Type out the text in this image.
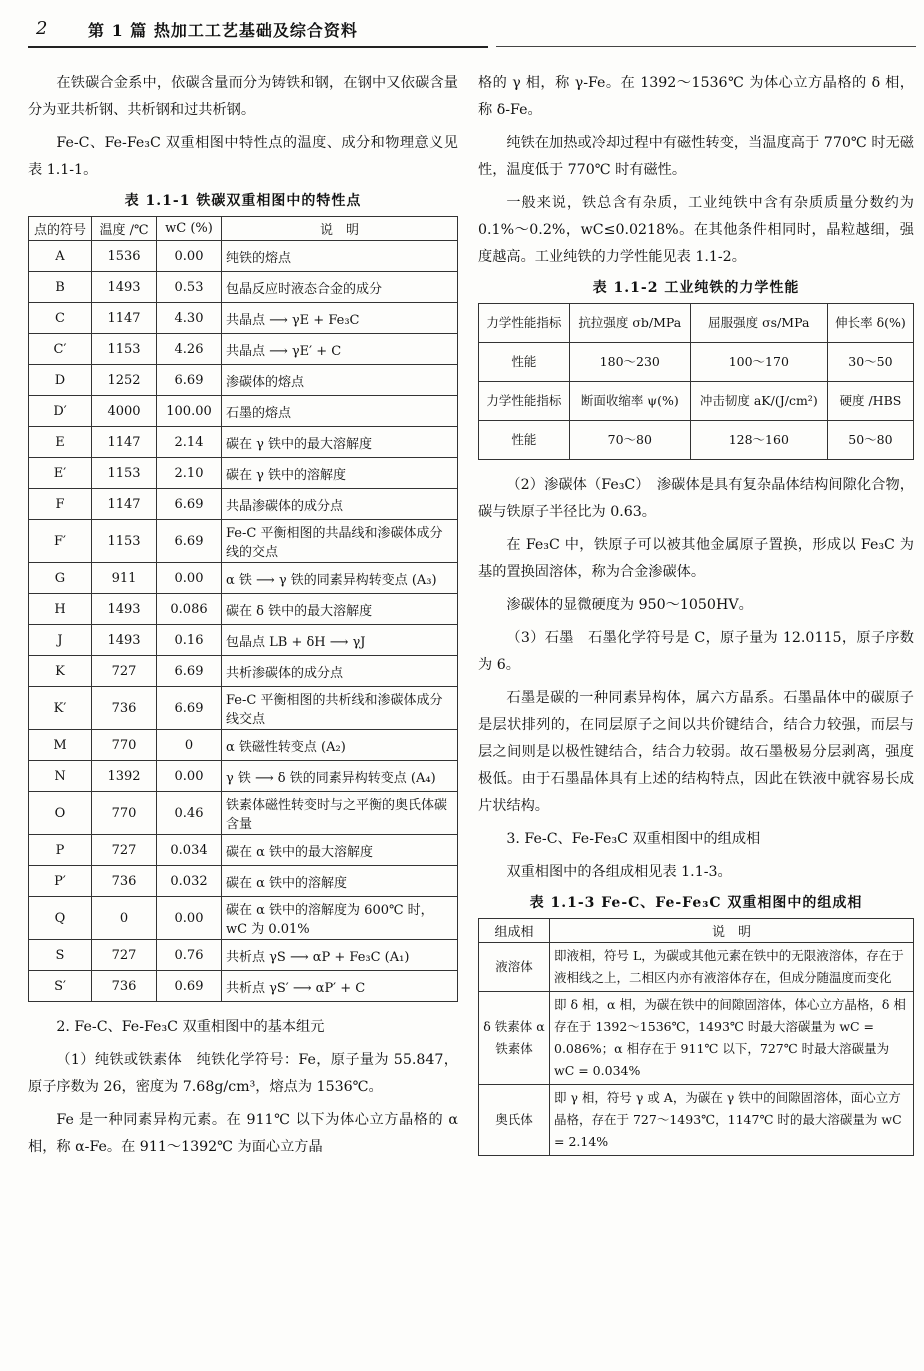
2	第 1 篇 热加工工艺基础及综合资料

在铁碳合金系中，依碳含量而分为铸铁和钢，在钢中又依碳含量分为亚共析钢、共析钢和过共析钢。

Fe-C、Fe-Fe₃C 双重相图中特性点的温度、成分和物理意义见表 1.1-1。

表 1.1-1 铁碳双重相图中的特性点
点的符号	温度 /℃	wC (%)	说　明
A	1536	0.00	纯铁的熔点
B	1493	0.53	包晶反应时液态合金的成分
C	1147	4.30	共晶点 ⟶ γE + Fe₃C
C′	1153	4.26	共晶点 ⟶ γE′ + C
D	1252	6.69	渗碳体的熔点
D′	4000	100.00	石墨的熔点
E	1147	2.14	碳在 γ 铁中的最大溶解度
E′	1153	2.10	碳在 γ 铁中的溶解度
F	1147	6.69	共晶渗碳体的成分点
F′	1153	6.69	Fe-C 平衡相图的共晶线和渗碳体成分线的交点
G	911	0.00	α 铁 ⟶ γ 铁的同素异构转变点 (A₃)
H	1493	0.086	碳在 δ 铁中的最大溶解度
J	1493	0.16	包晶点 LB + δH ⟶ γJ
K	727	6.69	共析渗碳体的成分点
K′	736	6.69	Fe-C 平衡相图的共析线和渗碳体成分线交点
M	770	0	α 铁磁性转变点 (A₂)
N	1392	0.00	γ 铁 ⟶ δ 铁的同素异构转变点 (A₄)
O	770	0.46	铁素体磁性转变时与之平衡的奥氏体碳含量
P	727	0.034	碳在 α 铁中的最大溶解度
P′	736	0.032	碳在 α 铁中的溶解度
Q	0	0.00	碳在 α 铁中的溶解度为 600℃ 时，wC 为 0.01%
S	727	0.76	共析点 γS ⟶ αP + Fe₃C (A₁)
S′	736	0.69	共析点 γS′ ⟶ αP′ + C

2. Fe-C、Fe-Fe₃C 双重相图中的基本组元

（1）纯铁或铁素体　纯铁化学符号：Fe，原子量为 55.847，原子序数为 26，密度为 7.68g/cm³，熔点为 1536℃。

Fe 是一种同素异构元素。在 911℃ 以下为体心立方晶格的 α 相，称 α-Fe。在 911～1392℃ 为面心立方晶

格的 γ 相，称 γ-Fe。在 1392～1536℃ 为体心立方晶格的 δ 相，称 δ-Fe。

纯铁在加热或冷却过程中有磁性转变，当温度高于 770℃ 时无磁性，温度低于 770℃ 时有磁性。

一般来说，铁总含有杂质，工业纯铁中含有杂质质量分数约为 0.1%～0.2%，wC≤0.0218%。在其他条件相同时，晶粒越细，强度越高。工业纯铁的力学性能见表 1.1-2。

表 1.1-2 工业纯铁的力学性能
力学性能指标	抗拉强度 σb/MPa	屈服强度 σs/MPa	伸长率 δ(%)
性能	180～230	100～170	30～50
力学性能指标	断面收缩率 ψ(%)	冲击韧度 aK/(J/cm²)	硬度 /HBS
性能	70～80	128～160	50～80

（2）渗碳体（Fe₃C）　渗碳体是具有复杂晶体结构间隙化合物，碳与铁原子半径比为 0.63。

在 Fe₃C 中，铁原子可以被其他金属原子置换，形成以 Fe₃C 为基的置换固溶体，称为合金渗碳体。

渗碳体的显微硬度为 950～1050HV。

（3）石墨　石墨化学符号是 C，原子量为 12.0115，原子序数为 6。

石墨是碳的一种同素异构体，属六方晶系。石墨晶体中的碳原子是层状排列的，在同层原子之间以共价键结合，结合力较强，而层与层之间则是以极性键结合，结合力较弱。故石墨极易分层剥离，强度极低。由于石墨晶体具有上述的结构特点，因此在铁液中就容易长成片状结构。

3. Fe-C、Fe-Fe₃C 双重相图中的组成相

双重相图中的各组成相见表 1.1-3。

表 1.1-3 Fe-C、Fe-Fe₃C 双重相图中的组成相
组成相	说　明
液溶体	即液相，符号 L，为碳或其他元素在铁中的无限液溶体，存在于液相线之上，二相区内亦有液溶体存在，但成分随温度而变化
δ 铁素体 α 铁素体	即 δ 相，α 相，为碳在铁中的间隙固溶体，体心立方晶格，δ 相存在于 1392～1536℃，1493℃ 时最大溶碳量为 wC = 0.086%；α 相存在于 911℃ 以下，727℃ 时最大溶碳量为 wC = 0.034%
奥氏体	即 γ 相，符号 γ 或 A，为碳在 γ 铁中的间隙固溶体，面心立方晶格，存在于 727～1493℃，1147℃ 时的最大溶碳量为 wC = 2.14%
